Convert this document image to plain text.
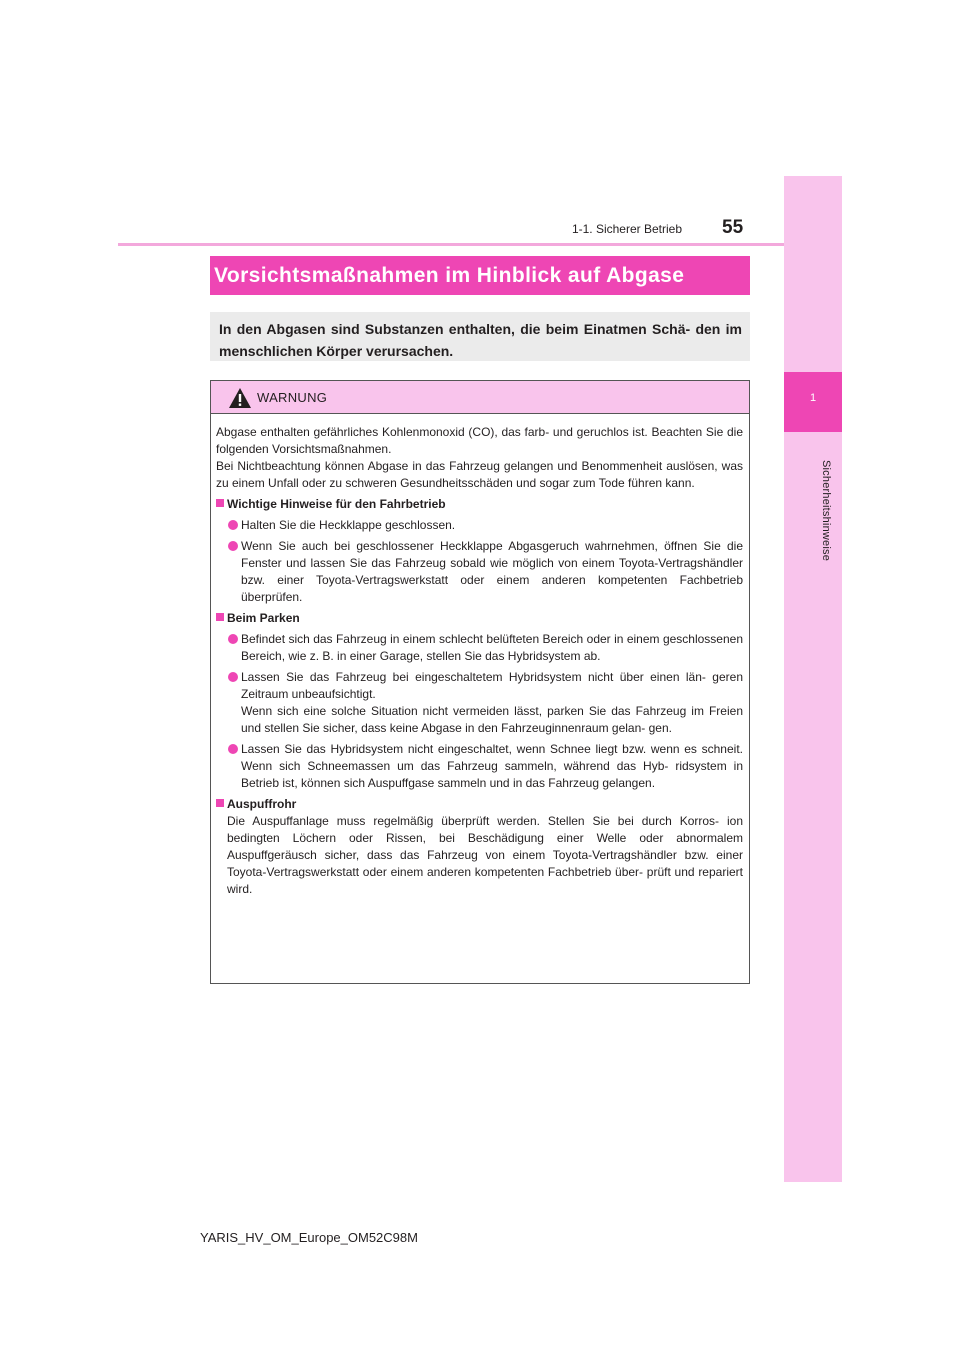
1
Sicherheitshinweise
1-1. Sicherer Betrieb 55
Vorsichtsmaßnahmen im Hinblick auf Abgase
In den Abgasen sind Substanzen enthalten, die beim Einatmen Schä- den im menschlichen Körper verursachen.
WARNUNG

Abgase enthalten gefährliches Kohlenmonoxid (CO), das farb- und geruchlos ist. Beachten Sie die folgenden Vorsichtsmaßnahmen.

Bei Nichtbeachtung können Abgase in das Fahrzeug gelangen und Benommenheit auslösen, was zu einem Unfall oder zu schweren Gesundheitsschäden und sogar zum Tode führen kann.

Wichtige Hinweise für den Fahrbetrieb

Halten Sie die Heckklappe geschlossen.

Wenn Sie auch bei geschlossener Heckklappe Abgasgeruch wahrnehmen, öffnen Sie die Fenster und lassen Sie das Fahrzeug sobald wie möglich von einem Toyota-Vertragshändler bzw. einer Toyota-Vertragswerkstatt oder einem anderen kompetenten Fachbetrieb überprüfen.

Beim Parken

Befindet sich das Fahrzeug in einem schlecht belüfteten Bereich oder in einem geschlossenen Bereich, wie z. B. in einer Garage, stellen Sie das Hybridsystem ab.

Lassen Sie das Fahrzeug bei eingeschaltetem Hybridsystem nicht über einen län- geren Zeitraum unbeaufsichtigt.
Wenn sich eine solche Situation nicht vermeiden lässt, parken Sie das Fahrzeug im Freien und stellen Sie sicher, dass keine Abgase in den Fahrzeuginnenraum gelan- gen.

Lassen Sie das Hybridsystem nicht eingeschaltet, wenn Schnee liegt bzw. wenn es schneit. Wenn sich Schneemassen um das Fahrzeug sammeln, während das Hyb- ridsystem in Betrieb ist, können sich Auspuffgase sammeln und in das Fahrzeug gelangen.

Auspuffrohr

Die Auspuffanlage muss regelmäßig überprüft werden. Stellen Sie bei durch Korros- ion bedingten Löchern oder Rissen, bei Beschädigung einer Welle oder abnormalem Auspuffgeräusch sicher, dass das Fahrzeug von einem Toyota-Vertragshändler bzw. einer Toyota-Vertragswerkstatt oder einem anderen kompetenten Fachbetrieb über- prüft und repariert wird.

YARIS_HV_OM_Europe_OM52C98M
